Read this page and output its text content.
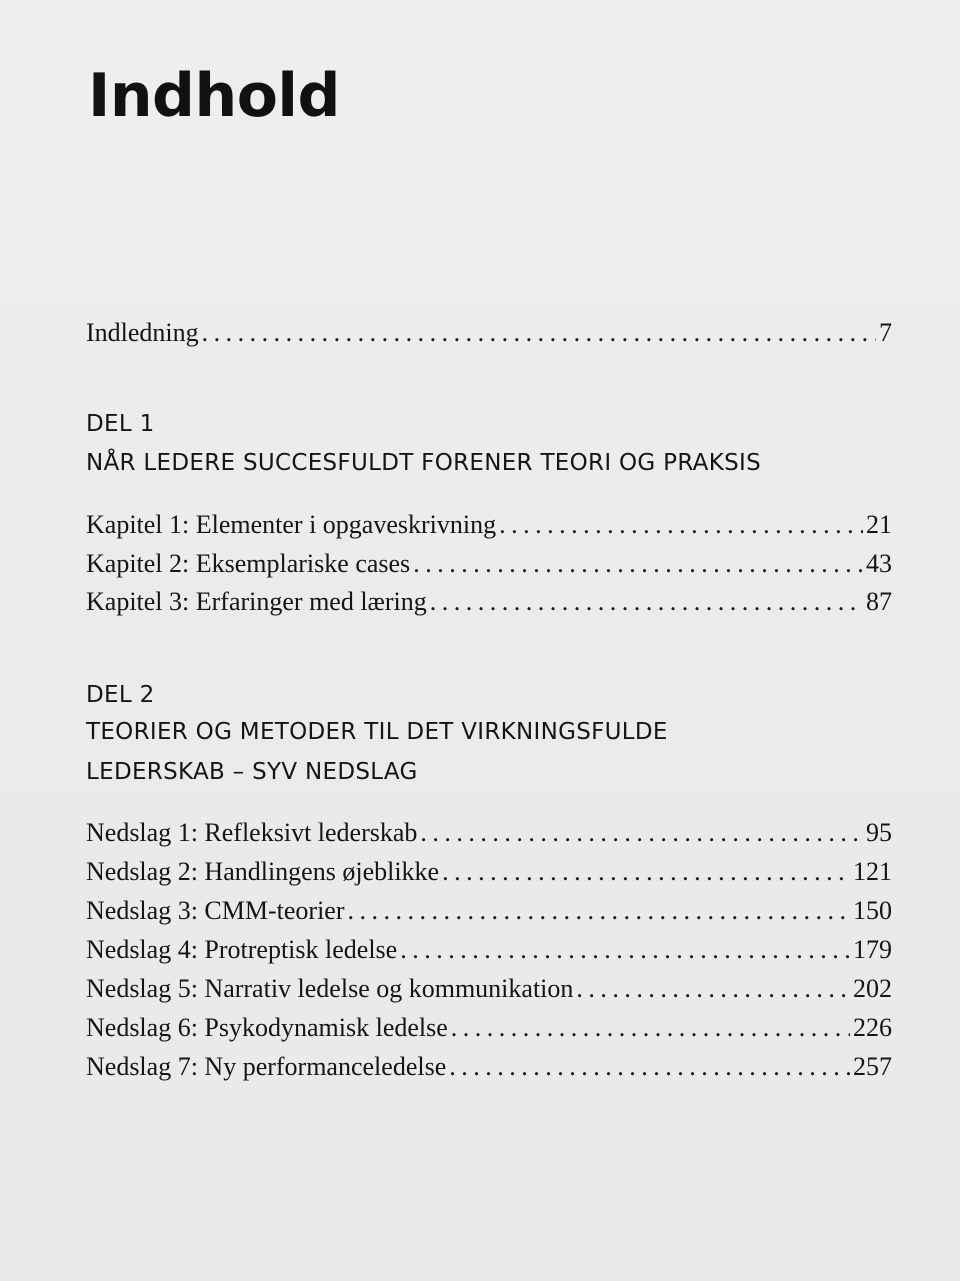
Indhold
Indledning . . .	7
DEL 1
NÅR LEDERE SUCCESFULDT FORENER TEORI OG PRAKSIS
Kapitel 1: Elementer i opgaveskrivning . . .	21
Kapitel 2: Eksemplariske cases . . .	43
Kapitel 3: Erfaringer med læring . . .	87
DEL 2
TEORIER OG METODER TIL DET VIRKNINGSFULDE
LEDERSKAB – SYV NEDSLAG
Nedslag 1: Refleksivt lederskab . . .	95
Nedslag 2: Handlingens øjeblikke . . .	121
Nedslag 3: CMM-teorier . . .	150
Nedslag 4: Protreptisk ledelse . . .	179
Nedslag 5: Narrativ ledelse og kommunikation . . .	202
Nedslag 6: Psykodynamisk ledelse . . .	226
Nedslag 7: Ny performanceledelse . . .	257
